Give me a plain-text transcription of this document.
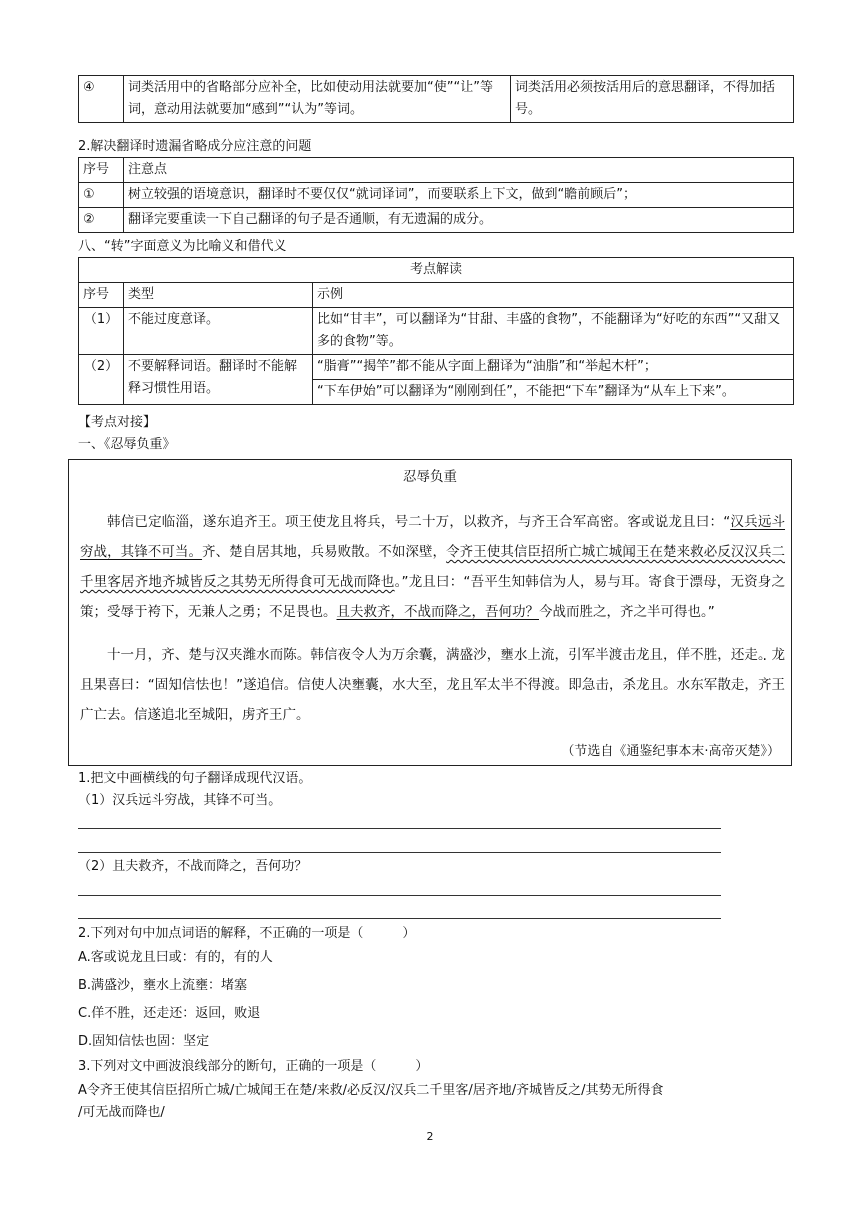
④	词类活用中的省略部分应补全，比如使动用法就要加“使”“让”等词，意动用法就要加“感到”“认为”等词。	词类活用必须按活用后的意思翻译，不得加括号。
2.解决翻译时遗漏省略成分应注意的问题
序号	注意点
①	树立较强的语境意识，翻译时不要仅仅“就词译词”，而要联系上下文，做到“瞻前顾后”；
②	翻译完要重读一下自己翻译的句子是否通顺，有无遗漏的成分。
八、“转”字面意义为比喻义和借代义
考点解读		
序号	类型	示例
（1）	不能过度意译。	比如“甘丰”，可以翻译为“甘甜、丰盛的食物”，不能翻译为“好吃的东西”“又甜又多的食物”等。
（2）	不要解释词语。翻译时不能解释习惯性用语。	“脂膏”“揭竿”都不能从字面上翻译为“油脂”和“举起木杆”；
		“下车伊始”可以翻译为“刚刚到任”，不能把“下车”翻译为“从车上下来”。
【考点对接】
一、《忍辱负重》
忍辱负重
韩信已定临淄，遂东追齐王。项王使龙且将兵，号二十万，以救齐，与齐王合军高密。客或说龙且曰：“汉兵远斗穷战，其锋不可当。齐、楚自居其地，兵易败散。不如深壁，令齐王使其信臣招所亡城亡城闻王在楚来救必反汉汉兵二千里客居齐地齐城皆反之其势无所得食可无战而降也。”龙且曰：“吾平生知韩信为人，易与耳。寄食于漂母，无资身之策；受辱于袴下，无兼人之勇；不足畏也。且夫救齐，不战而降之，吾何功？今战而胜之，齐之半可得也。”
十一月，齐、楚与汉夹潍水而陈。韩信夜令人为万余囊，满盛沙，壅水上流，引军半渡击龙且，佯不胜，还走。龙且果喜曰：“固知信怯也！”遂追信。信使人决壅囊，水大至，龙且军太半不得渡。即急击，杀龙且。水东军散走，齐王广亡去。信遂追北至城阳，虏齐王广。
（节选自《通鉴纪事本末·高帝灭楚》）
1.把文中画横线的句子翻译成现代汉语。
（1）汉兵远斗穷战，其锋不可当。
（2）且夫救齐，不战而降之，吾何功？
2.下列对句中加点词语的解释，不正确的一项是（　　　）
A.客或说龙且曰或：有的，有的人
B.满盛沙，壅水上流壅：堵塞
C.佯不胜，还走还：返回，败退
D.固知信怯也固：坚定
3.下列对文中画波浪线部分的断句，正确的一项是（　　　）
A令齐王使其信臣招所亡城/亡城闻王在楚/来救/必反汉/汉兵二千里客/居齐地/齐城皆反之/其势无所得食
/可无战而降也/
2
